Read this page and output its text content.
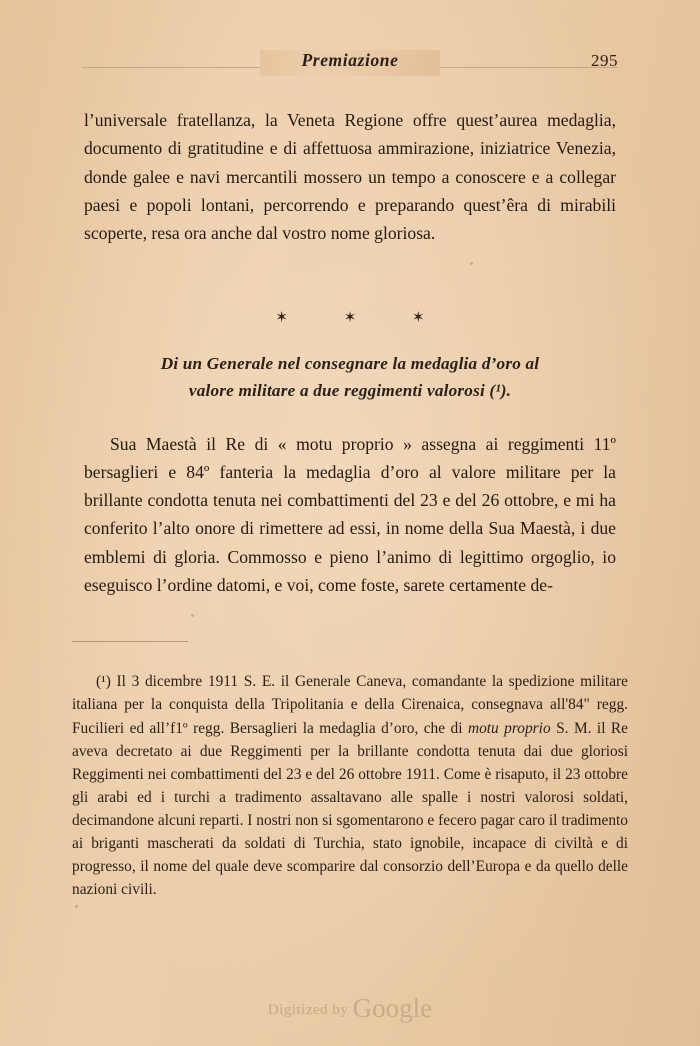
Premiazione	295

l’universale fratellanza, la Veneta Regione offre quest’aurea medaglia, documento di gratitudine e di affettuosa ammirazione, iniziatrice Venezia, donde galee e navi mercantili mossero un tempo a conoscere e a collegar paesi e popoli lontani, percorrendo e preparando quest’êra di mirabili scoperte, resa ora anche dal vostro nome gloriosa.

✶ ✶ ✶
Di un Generale nel consegnare la medaglia d’oro al
valore militare a due reggimenti valorosi (¹).

Sua Maestà il Re di « motu proprio » assegna ai reggimenti 11º bersaglieri e 84º fanteria la medaglia d’oro al valore militare per la brillante condotta tenuta nei combattimenti del 23 e del 26 ottobre, e mi ha conferito l’alto onore di rimettere ad essi, in nome della Sua Maestà, i due emblemi di gloria. Commosso e pieno l’animo di legittimo orgoglio, io eseguisco l’ordine datomi, e voi, come foste, sarete certamente de-

(¹) Il 3 dicembre 1911 S. E. il Generale Caneva, comandante la spedizione militare italiana per la conquista della Tripolitania e della Cirenaica, consegnava all'84" regg. Fucilieri ed all’f1º regg. Bersaglieri la medaglia d’oro, che di motu proprio S. M. il Re aveva decretato ai due Reggimenti per la brillante condotta tenuta dai due gloriosi Reggimenti nei combattimenti del 23 e del 26 ottobre 1911. Come è risaputo, il 23 ottobre gli arabi ed i turchi a tradimento assaltavano alle spalle i nostri valorosi soldati, decimandone alcuni reparti. I nostri non si sgomentarono e fecero pagar caro il tradimento ai briganti mascherati da soldati di Turchia, stato ignobile, incapace di civiltà e di progresso, il nome del quale deve scomparire dal consorzio dell’Europa e da quello delle nazioni civili.

Digitized by Google
